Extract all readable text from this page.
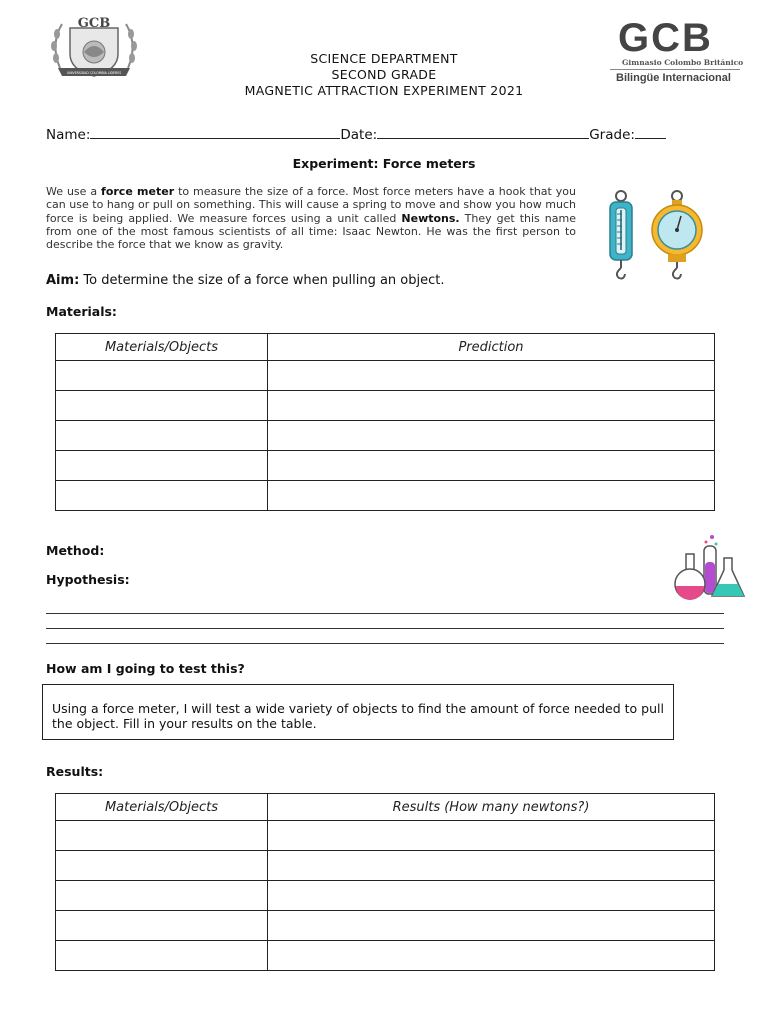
UNIVERSIDAD COLOMBIA LIDERES
GCB	GCB
Gimnasio Colombo Británico
Bilingüe Internacional
SCIENCE DEPARTMENT
SECOND GRADE
MAGNETIC ATTRACTION EXPERIMENT 2021
Name:	Date:	Grade:
Experiment: Force meters
We use a force meter to measure the size of a force. Most force meters have a hook that you can use to hang or pull on something. This will cause a spring to move and show you how much force is being applied. We measure forces using a unit called Newtons. They get this name from one of the most famous scientists of all time: Isaac Newton. He was the first person to describe the force that we know as gravity.
Aim: To determine the size of a force when pulling an object.
Materials:
Materials/Objects	Prediction

Method:
Hypothesis:
How am I going to test this?
Using a force meter, I will test a wide variety of objects to find the amount of force needed to pull the object. Fill in your results on the table.
Results:
Materials/Objects	Results (How many newtons?)
